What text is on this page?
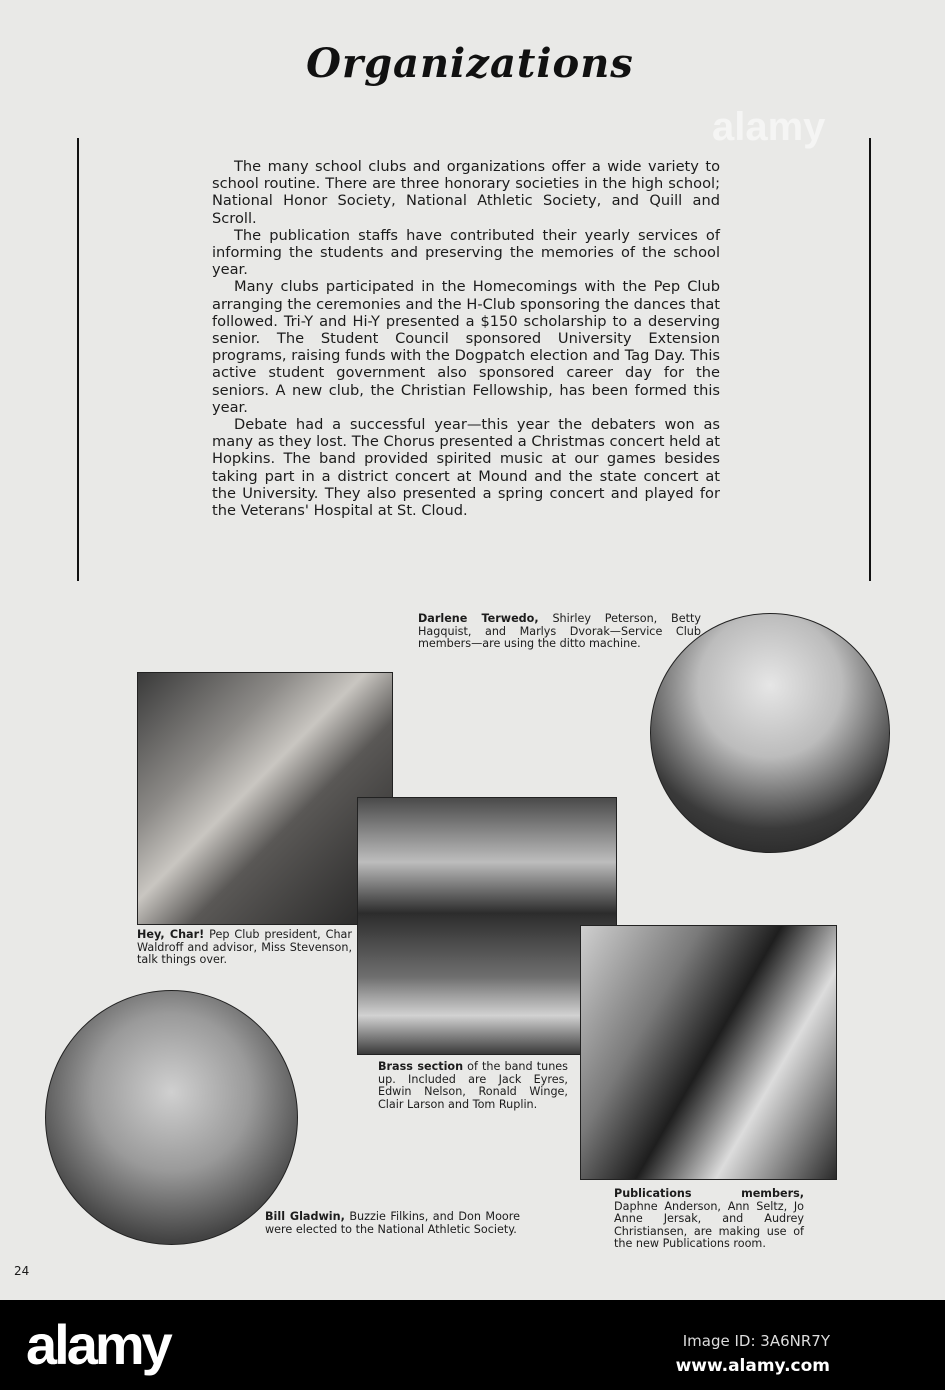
Organizations

The many school clubs and organizations offer a wide variety to school routine. There are three honorary societies in the high school; National Honor Society, National Athletic Society, and Quill and Scroll.

The publication staffs have contributed their yearly services of informing the students and preserving the memories of the school year.

Many clubs participated in the Homecomings with the Pep Club arranging the ceremonies and the H-Club sponsoring the dances that followed. Tri-Y and Hi-Y presented a $150 scholarship to a deserving senior. The Student Council sponsored University Extension programs, raising funds with the Dogpatch election and Tag Day. This active student government also sponsored career day for the seniors. A new club, the Christian Fellowship, has been formed this year.

Debate had a successful year—this year the debaters won as many as they lost. The Chorus presented a Christmas concert held at Hopkins. The band provided spirited music at our games besides taking part in a district concert at Mound and the state concert at the University. They also presented a spring concert and played for the Veterans' Hospital at St. Cloud.

Darlene Terwedo, Shirley Peterson, Betty Hagquist, and Marlys Dvorak—Service Club members—are using the ditto machine.
Hey, Char! Pep Club president, Char Waldroff and advisor, Miss Stevenson, talk things over.
Brass section of the band tunes up. Included are Jack Eyres, Edwin Nelson, Ronald Winge, Clair Larson and Tom Ruplin.
Bill Gladwin, Buzzie Filkins, and Don Moore were elected to the National Athletic Society.
Publications members, Daphne Anderson, Ann Seltz, Jo Anne Jersak, and Audrey Christiansen, are making use of the new Publications room.
24
alamy
alamy	Image ID: 3A6NR7Y
www.alamy.com
